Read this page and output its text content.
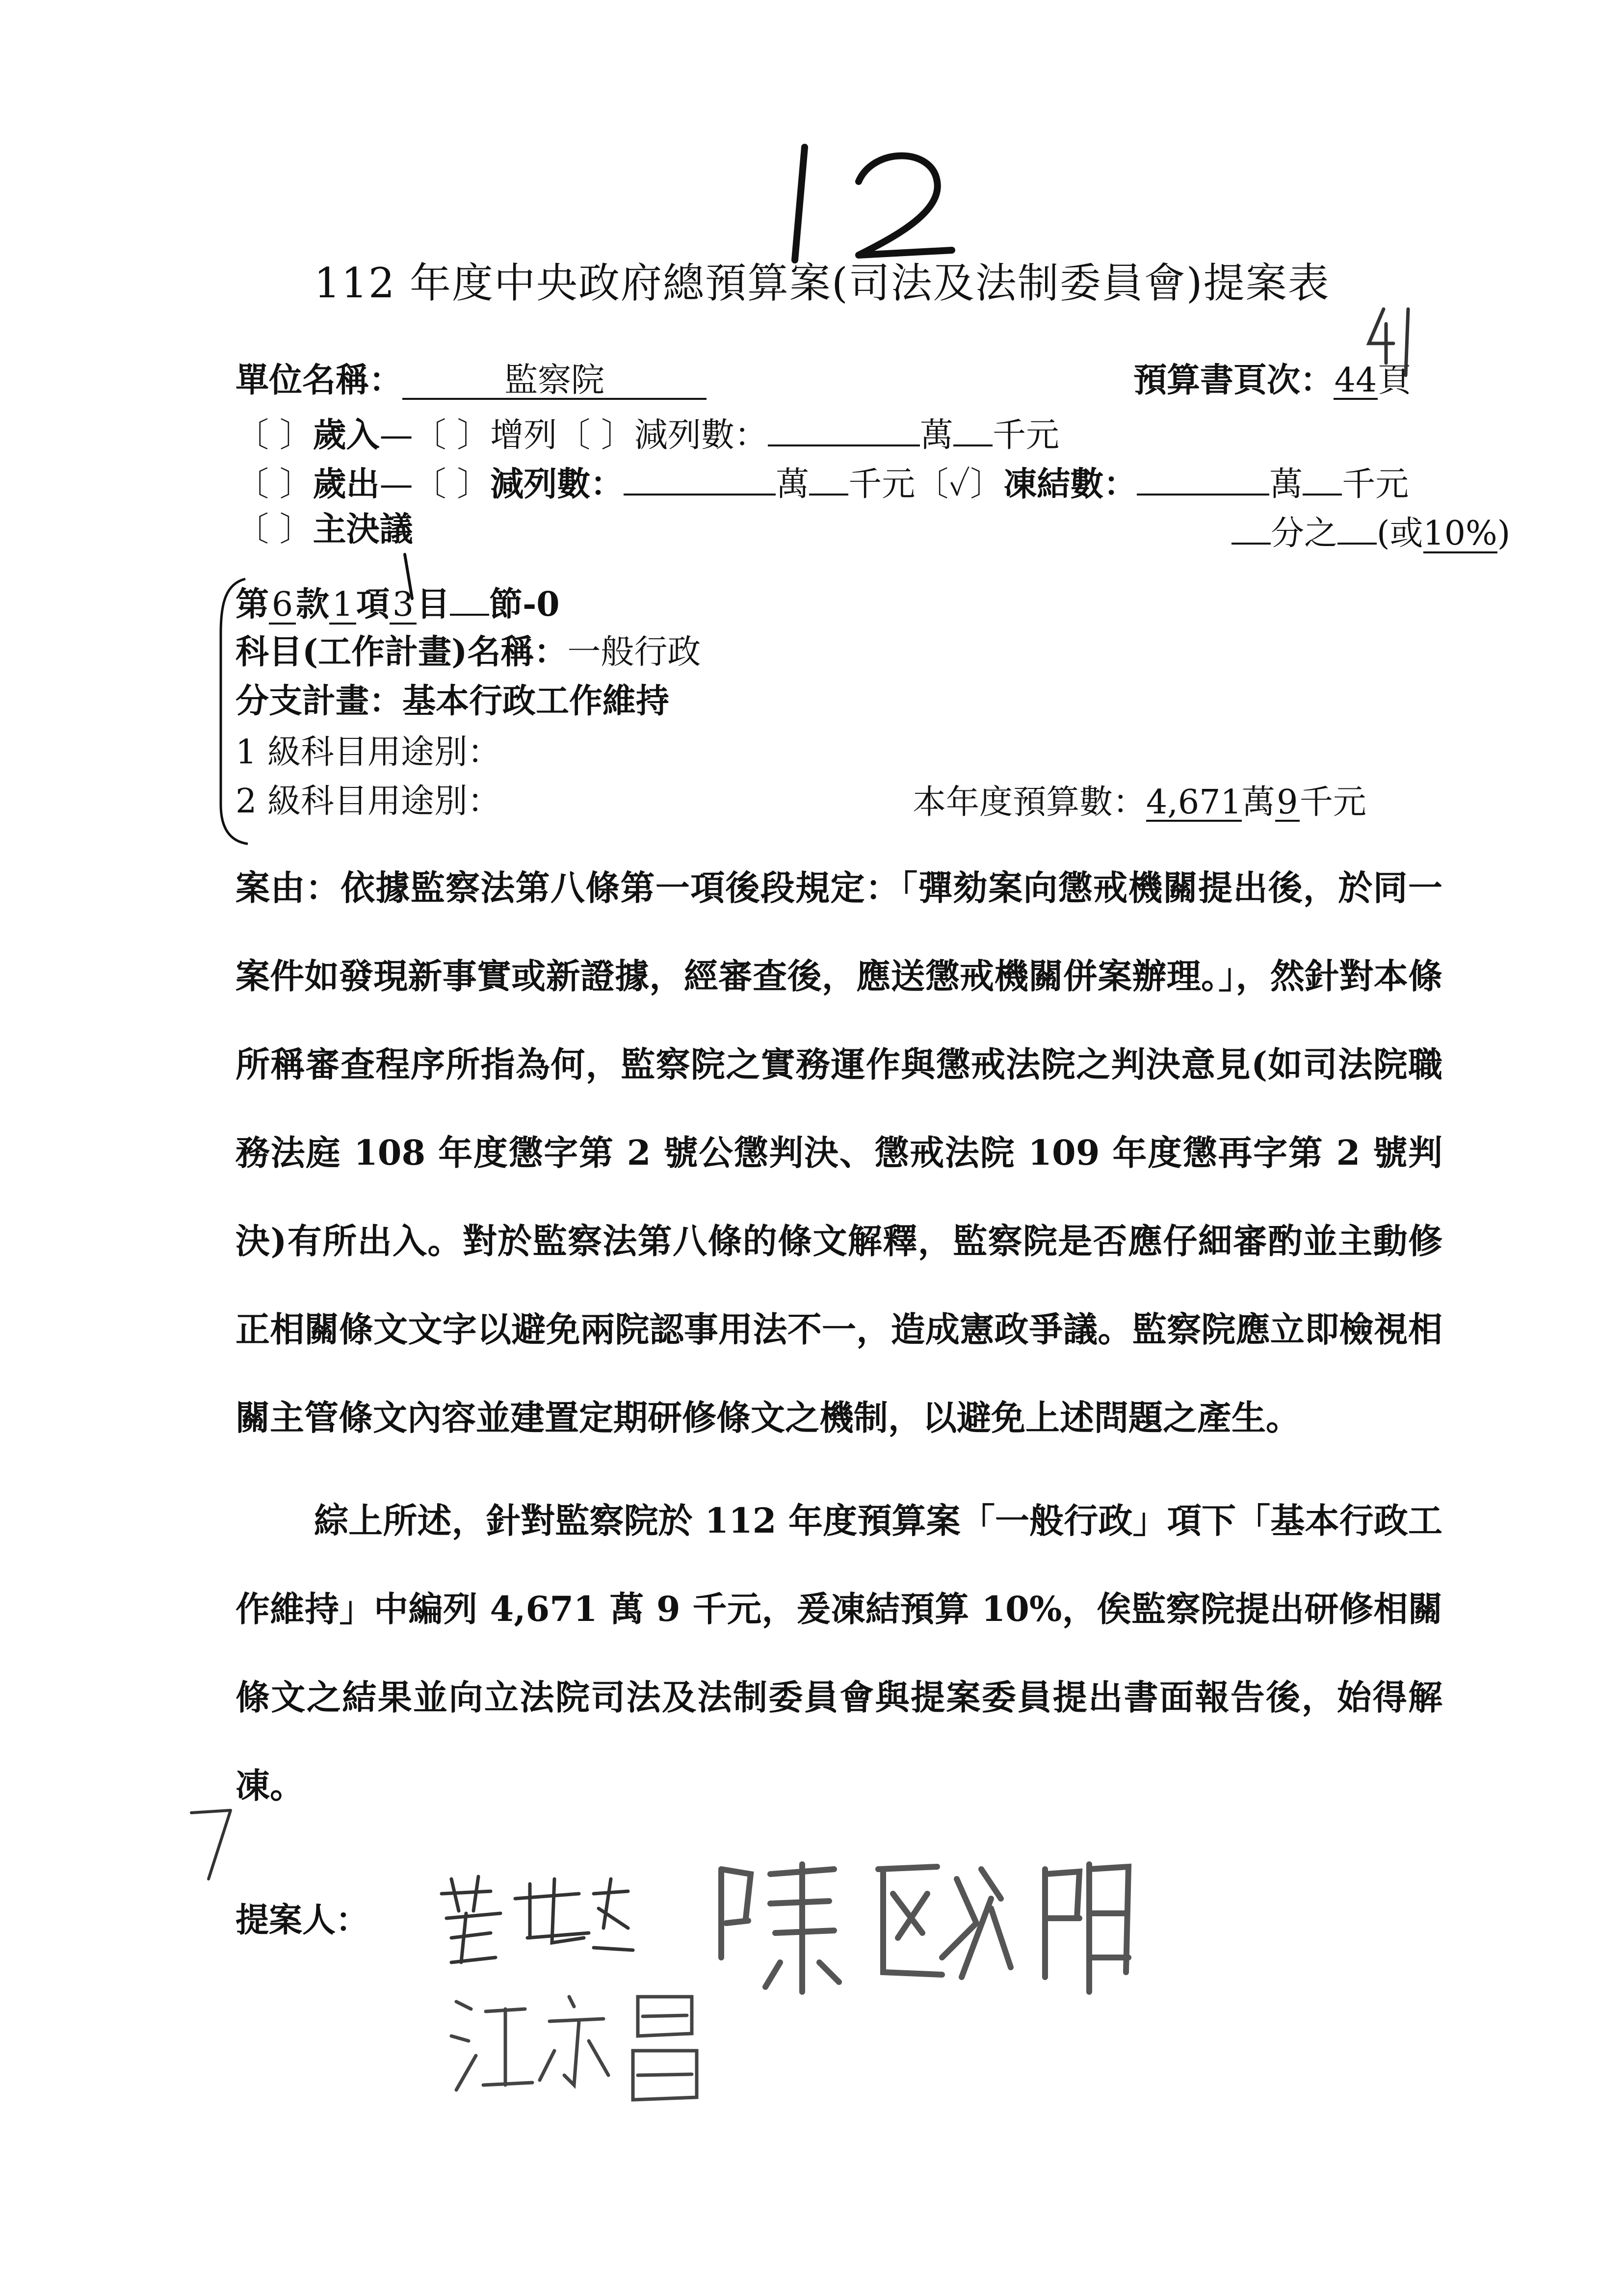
112 年度中央政府總預算案(司法及法制委員會)提案表
單位名稱：	監察院	預算書頁次：44頁
〔 〕歲入—〔 〕增列〔 〕減列數：	萬 千元
〔 〕歲出—〔 〕減列數：	萬 千元〔✓〕凍結數：	萬 千元
〔 〕主決議	分之 (或10%)
第6款1項3目 節-0
科目(工作計畫)名稱：一般行政
分支計畫：基本行政工作維持
1 級科目用途別：
2 級科目用途別：	本年度預算數：4,671萬9千元

案由：依據監察法第八條第一項後段規定：「彈劾案向懲戒機關提出後，於同一案件如發現新事實或新證據，經審查後，應送懲戒機關併案辦理。」，然針對本條所稱審查程序所指為何，監察院之實務運作與懲戒法院之判決意見(如司法院職務法庭 108 年度懲字第 2 號公懲判決、懲戒法院 109 年度懲再字第 2 號判決)有所出入。對於監察法第八條的條文解釋，監察院是否應仔細審酌並主動修正相關條文文字以避免兩院認事用法不一，造成憲政爭議。監察院應立即檢視相關主管條文內容並建置定期研修條文之機制，以避免上述問題之產生。

綜上所述，針對監察院於 112 年度預算案「一般行政」項下「基本行政工作維持」中編列 4,671 萬 9 千元，爰凍結預算 10%，俟監察院提出研修相關條文之結果並向立法院司法及法制委員會與提案委員提出書面報告後，始得解凍。

提案人：
